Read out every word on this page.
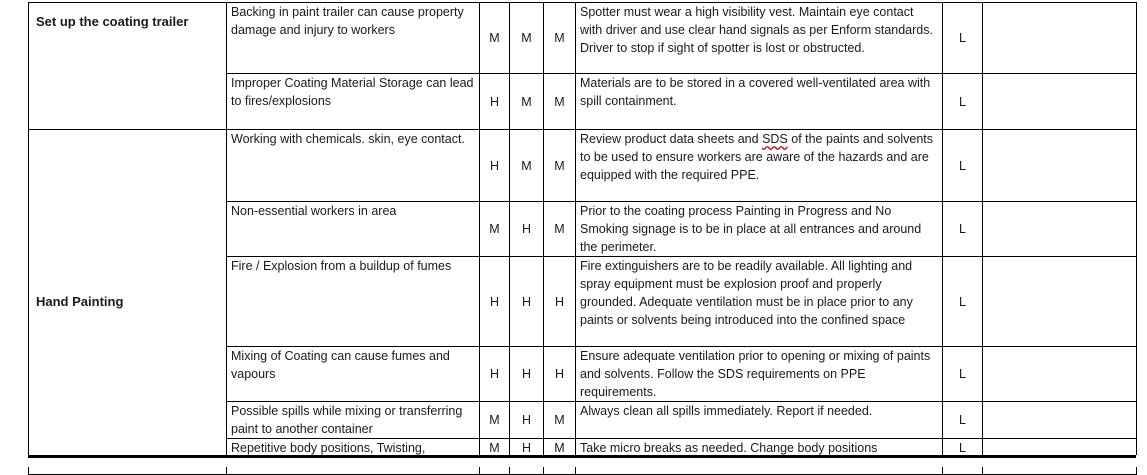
Set up the coating trailer	Backing in paint trailer can cause property damage and injury to workers	M	M	M	Spotter must wear a high visibility vest. Maintain eye contact with driver and use clear hand signals as per Enform standards. Driver to stop if sight of spotter is lost or obstructed.	L	
	Improper Coating Material Storage can lead to fires/explosions	H	M	M	Materials are to be stored in a covered well-ventilated area with spill containment.	L	
Hand Painting	Working with chemicals. skin, eye contact.	H	M	M	Review product data sheets and SDS of the paints and solvents to be used to ensure workers are aware of the hazards and are equipped with the required PPE.	L	
	Non-essential workers in area	M	H	M	Prior to the coating process Painting in Progress and No Smoking signage is to be in place at all entrances and around the perimeter.	L	
	Fire / Explosion from a buildup of fumes	H	H	H	Fire extinguishers are to be readily available. All lighting and spray equipment must be explosion proof and properly grounded. Adequate ventilation must be in place prior to any paints or solvents being introduced into the confined space	L	
	Mixing of Coating can cause fumes and vapours	H	H	H	Ensure adequate ventilation prior to opening or mixing of paints and solvents. Follow the SDS requirements on PPE requirements.	L	
	Possible spills while mixing or transferring paint to another container	M	H	M	Always clean all spills immediately. Report if needed.	L	
	Repetitive body positions, Twisting,	M	H	M	Take micro breaks as needed. Change body positions	L	
